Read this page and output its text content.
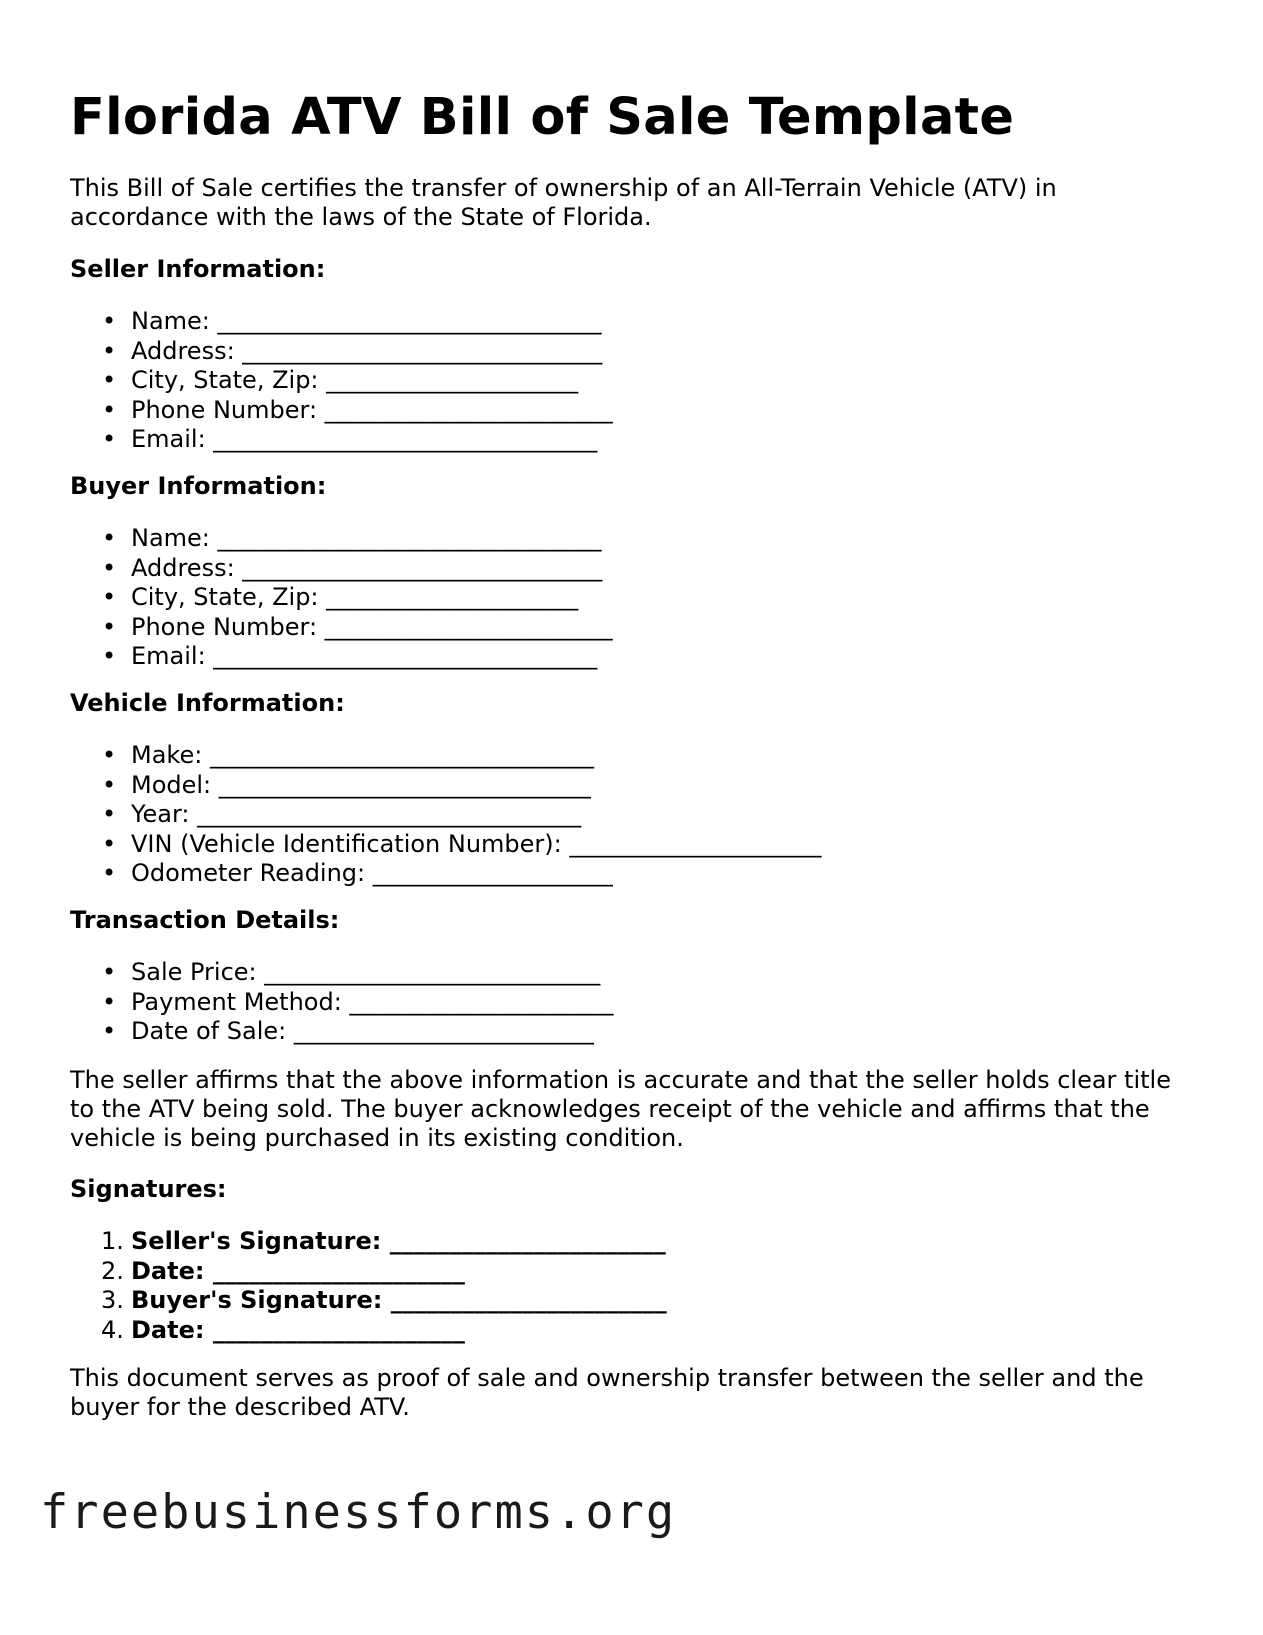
Florida ATV Bill of Sale Template

This Bill of Sale certifies the transfer of ownership of an All-Terrain Vehicle (ATV) in accordance with the laws of the State of Florida.

Seller Information:
• Name: ________________________________
• Address: ______________________________
• City, State, Zip: _____________________
• Phone Number: ________________________
• Email: ________________________________
Buyer Information:
• Name: ________________________________
• Address: ______________________________
• City, State, Zip: _____________________
• Phone Number: ________________________
• Email: ________________________________
Vehicle Information:
• Make: ________________________________
• Model: _______________________________
• Year: ________________________________
• VIN (Vehicle Identification Number): _____________________
• Odometer Reading: ____________________
Transaction Details:
• Sale Price: ____________________________
• Payment Method: ______________________
• Date of Sale: _________________________

The seller affirms that the above information is accurate and that the seller holds clear title to the ATV being sold. The buyer acknowledges receipt of the vehicle and affirms that the vehicle is being purchased in its existing condition.

Signatures:
1. Seller's Signature: _______________________
2. Date: _____________________
3. Buyer's Signature: _______________________
4. Date: _____________________

This document serves as proof of sale and ownership transfer between the seller and the buyer for the described ATV.

freebusinessforms.org
